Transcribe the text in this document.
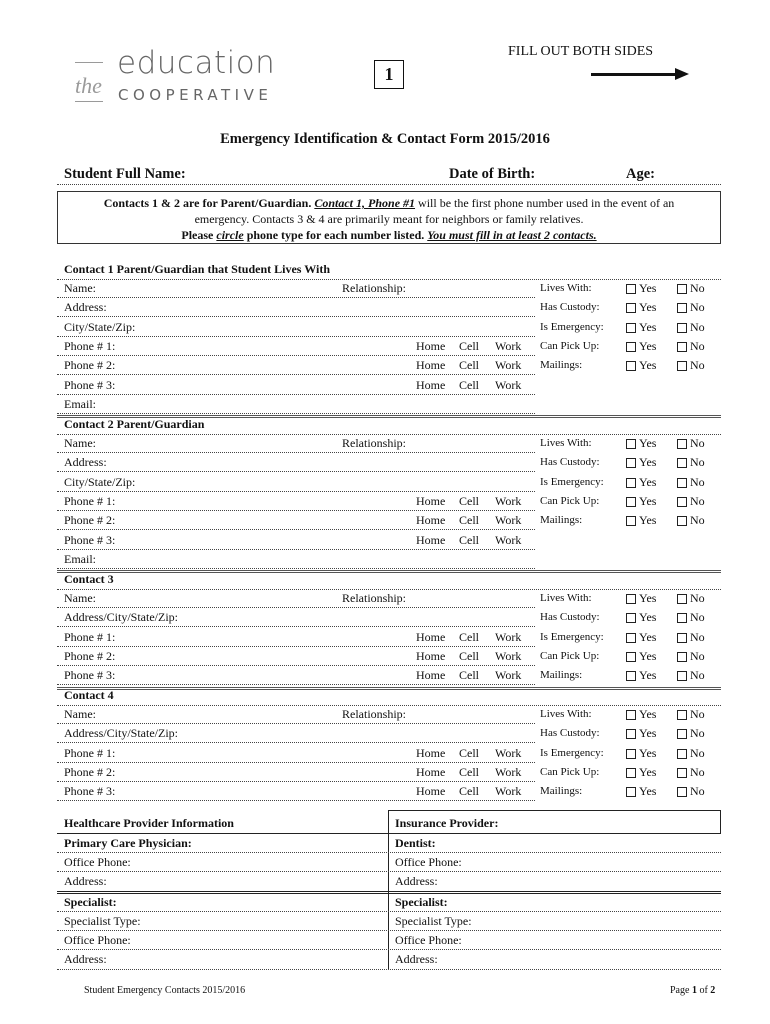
the
education
COOPERATIVE
1
FILL OUT BOTH SIDES
Emergency Identification & Contact Form 2015/2016
Student Full Name:	Date of Birth:	Age:
Contacts 1 & 2 are for Parent/Guardian. Contact 1, Phone #1 will be the first phone number used in the event of an
emergency. Contacts 3 & 4 are primarily meant for neighbors or family relatives.
Please circle phone type for each number listed. You must fill in at least 2 contacts.
Contact 1 Parent/Guardian that Student Lives With
Name:	Relationship:	Lives With:	Yes	No
Address:	Has Custody:	Yes	No
City/State/Zip:	Is Emergency:	Yes	No
Phone # 1:	Home Cell Work Can Pick Up:	Yes	No
Phone # 2:	Home Cell Work Mailings:	Yes	No
Phone # 3:	Home Cell Work
Email:
Contact 2 Parent/Guardian
Name:	Relationship:	Lives With:	Yes	No
Address:	Has Custody:	Yes	No
City/State/Zip:	Is Emergency:	Yes	No
Phone # 1:	Home Cell Work Can Pick Up:	Yes	No
Phone # 2:	Home Cell Work Mailings:	Yes	No
Phone # 3:	Home Cell Work
Email:
Contact 3
Name:	Relationship:	Lives With:	Yes	No
Address/City/State/Zip:	Has Custody:	Yes	No
Phone # 1:	Home Cell Work Is Emergency:	Yes	No
Phone # 2:	Home Cell Work Can Pick Up:	Yes	No
Phone # 3:	Home Cell Work Mailings:	Yes	No
Contact 4
Name:	Relationship:	Lives With:	Yes	No
Address/City/State/Zip:	Has Custody:	Yes	No
Phone # 1:	Home Cell Work Is Emergency:	Yes	No
Phone # 2:	Home Cell Work Can Pick Up:	Yes	No
Phone # 3:	Home Cell Work Mailings:	Yes	No
Healthcare Provider Information	Insurance Provider:
Primary Care Physician:	Dentist:
Office Phone:	Office Phone:
Address:	Address:
Specialist:	Specialist:
Specialist Type:	Specialist Type:
Office Phone:	Office Phone:
Address:	Address:
Student Emergency Contacts 2015/2016	Page 1 of 2
